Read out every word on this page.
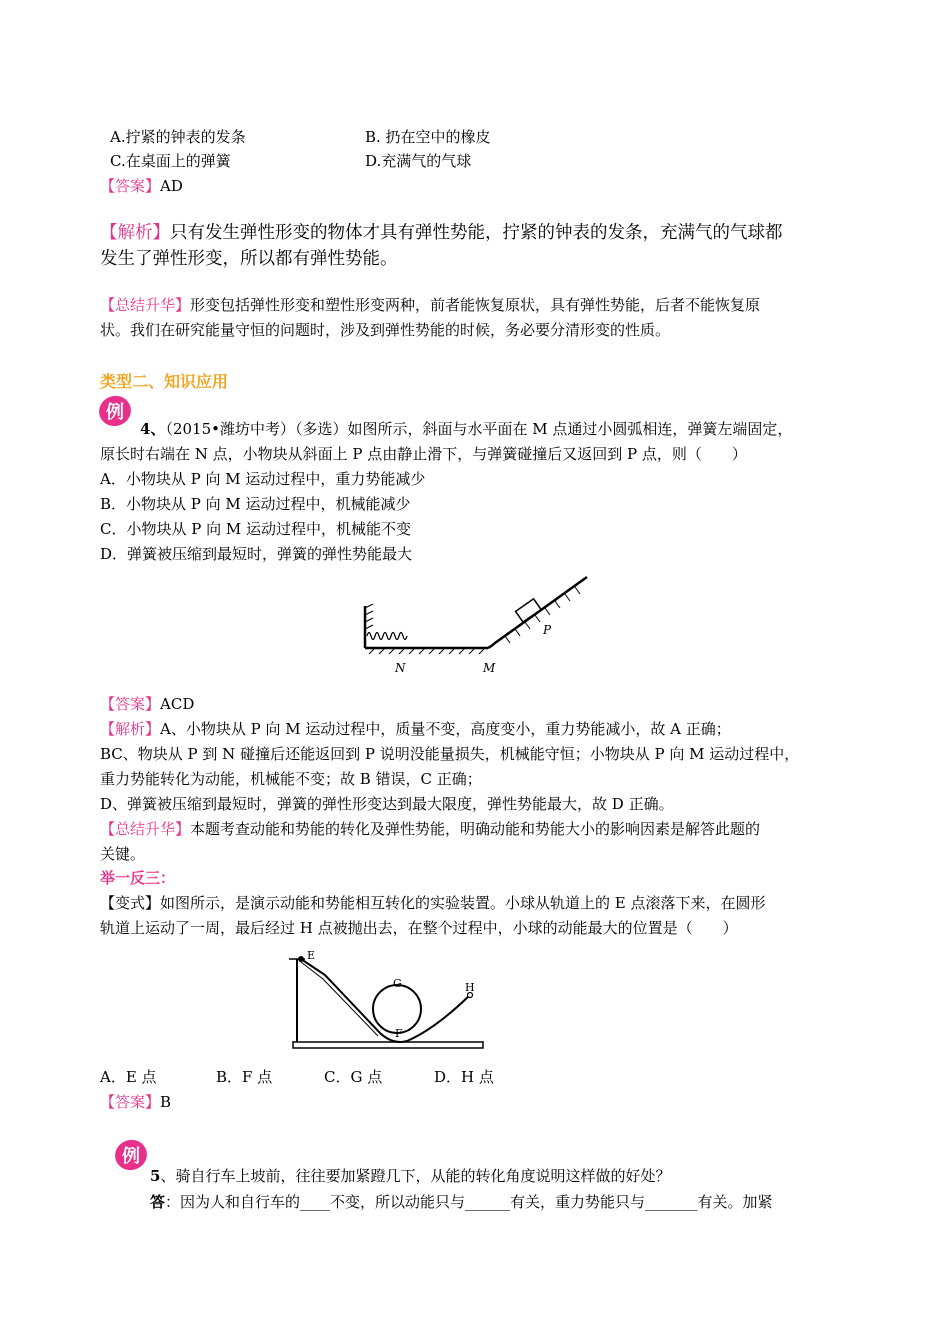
A.拧紧的钟表的发条	B. 扔在空中的橡皮
C.在桌面上的弹簧	D.充满气的气球
【答案】AD
【解析】只有发生弹性形变的物体才具有弹性势能，拧紧的钟表的发条，充满气的气球都
发生了弹性形变，所以都有弹性势能。
【总结升华】形变包括弹性形变和塑性形变两种，前者能恢复原状，具有弹性势能，后者不能恢复原
状。我们在研究能量守恒的问题时，涉及到弹性势能的时候，务必要分清形变的性质。
类型二、知识应用
例
4、（2015•潍坊中考）（多选）如图所示，斜面与水平面在 M 点通过小圆弧相连，弹簧左端固定，
原长时右端在 N 点，小物块从斜面上 P 点由静止滑下，与弹簧碰撞后又返回到 P 点，则（　　）
A．小物块从 P 向 M 运动过程中，重力势能减少
B．小物块从 P 向 M 运动过程中，机械能减少
C．小物块从 P 向 M 运动过程中，机械能不变
D．弹簧被压缩到最短时，弹簧的弹性势能最大
P
N	M
【答案】ACD
【解析】A、小物块从 P 向 M 运动过程中，质量不变，高度变小，重力势能减小，故 A 正确；
BC、物块从 P 到 N 碰撞后还能返回到 P 说明没能量损失，机械能守恒；小物块从 P 向 M 运动过程中，
重力势能转化为动能，机械能不变；故 B 错误，C 正确；
D、弹簧被压缩到最短时，弹簧的弹性形变达到最大限度，弹性势能最大，故 D 正确。
【总结升华】本题考查动能和势能的转化及弹性势能，明确动能和势能大小的影响因素是解答此题的
关键。
举一反三：
【变式】如图所示，是演示动能和势能相互转化的实验装置。小球从轨道上的 E 点滚落下来，在圆形
轨道上运动了一周，最后经过 H 点被抛出去，在整个过程中，小球的动能最大的位置是（　　）
E
G
F
H
A．E 点	B．F 点	C．G 点	D．H 点
【答案】B
例
5、骑自行车上坡前，往往要加紧蹬几下，从能的转化角度说明这样做的好处？
答：因为人和自行车的____不变，所以动能只与______有关，重力势能只与_______有关。加紧
